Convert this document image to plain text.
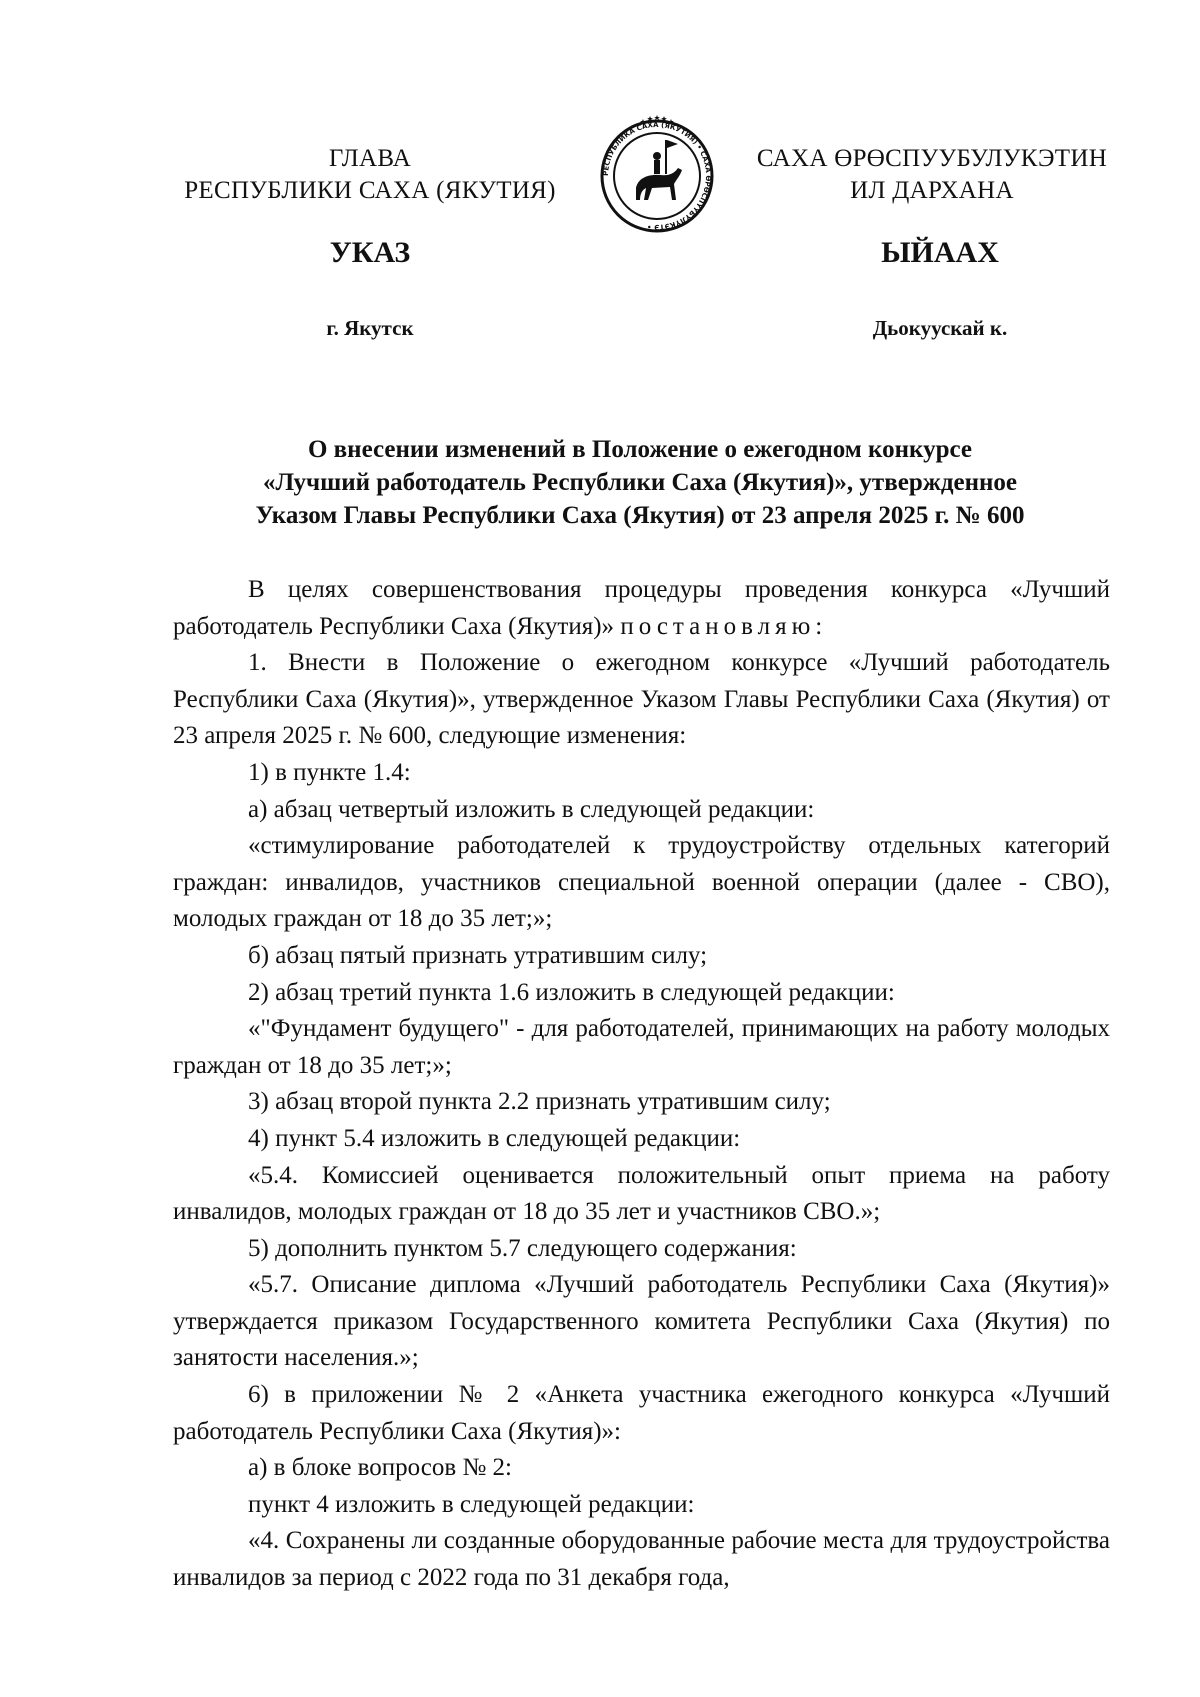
ГЛАВА
РЕСПУБЛИКИ САХА (ЯКУТИЯ)
САХА ӨРӨСПУУБУЛУКЭТИН
ИЛ ДАРХАНА
РЕСПУБЛИКА САХА (ЯКУТИЯ) • САХА ӨРӨСПҮҮБҮЛҮКЭТЭ •
УКАЗ	ЫЙААХ
г. Якутск	Дьокуускай к.
О внесении изменений в Положение о ежегодном конкурсе
«Лучший работодатель Республики Саха (Якутия)», утвержденное
Указом Главы Республики Саха (Якутия) от 23 апреля 2025 г. № 600

В целях совершенствования процедуры проведения конкурса «Лучший работодатель Республики Саха (Якутия)» постановляю:

1. Внести в Положение о ежегодном конкурсе «Лучший работодатель Республики Саха (Якутия)», утвержденное Указом Главы Республики Саха (Якутия) от 23 апреля 2025 г. № 600, следующие изменения:

1) в пункте 1.4:

а) абзац четвертый изложить в следующей редакции:

«стимулирование работодателей к трудоустройству отдельных категорий граждан: инвалидов, участников специальной военной операции (далее - СВО), молодых граждан от 18 до 35 лет;»;

б) абзац пятый признать утратившим силу;

2) абзац третий пункта 1.6 изложить в следующей редакции:

«"Фундамент будущего" - для работодателей, принимающих на работу молодых граждан от 18 до 35 лет;»;

3) абзац второй пункта 2.2 признать утратившим силу;

4) пункт 5.4 изложить в следующей редакции:

«5.4. Комиссией оценивается положительный опыт приема на работу инвалидов, молодых граждан от 18 до 35 лет и участников СВО.»;

5) дополнить пунктом 5.7 следующего содержания:

«5.7. Описание диплома «Лучший работодатель Республики Саха (Якутия)» утверждается приказом Государственного комитета Республики Саха (Якутия) по занятости населения.»;

6) в приложении № 2 «Анкета участника ежегодного конкурса «Лучший работодатель Республики Саха (Якутия)»:

а) в блоке вопросов № 2:

пункт 4 изложить в следующей редакции:

«4. Сохранены ли созданные оборудованные рабочие места для трудоустройства инвалидов за период с 2022 года по 31 декабря года,
